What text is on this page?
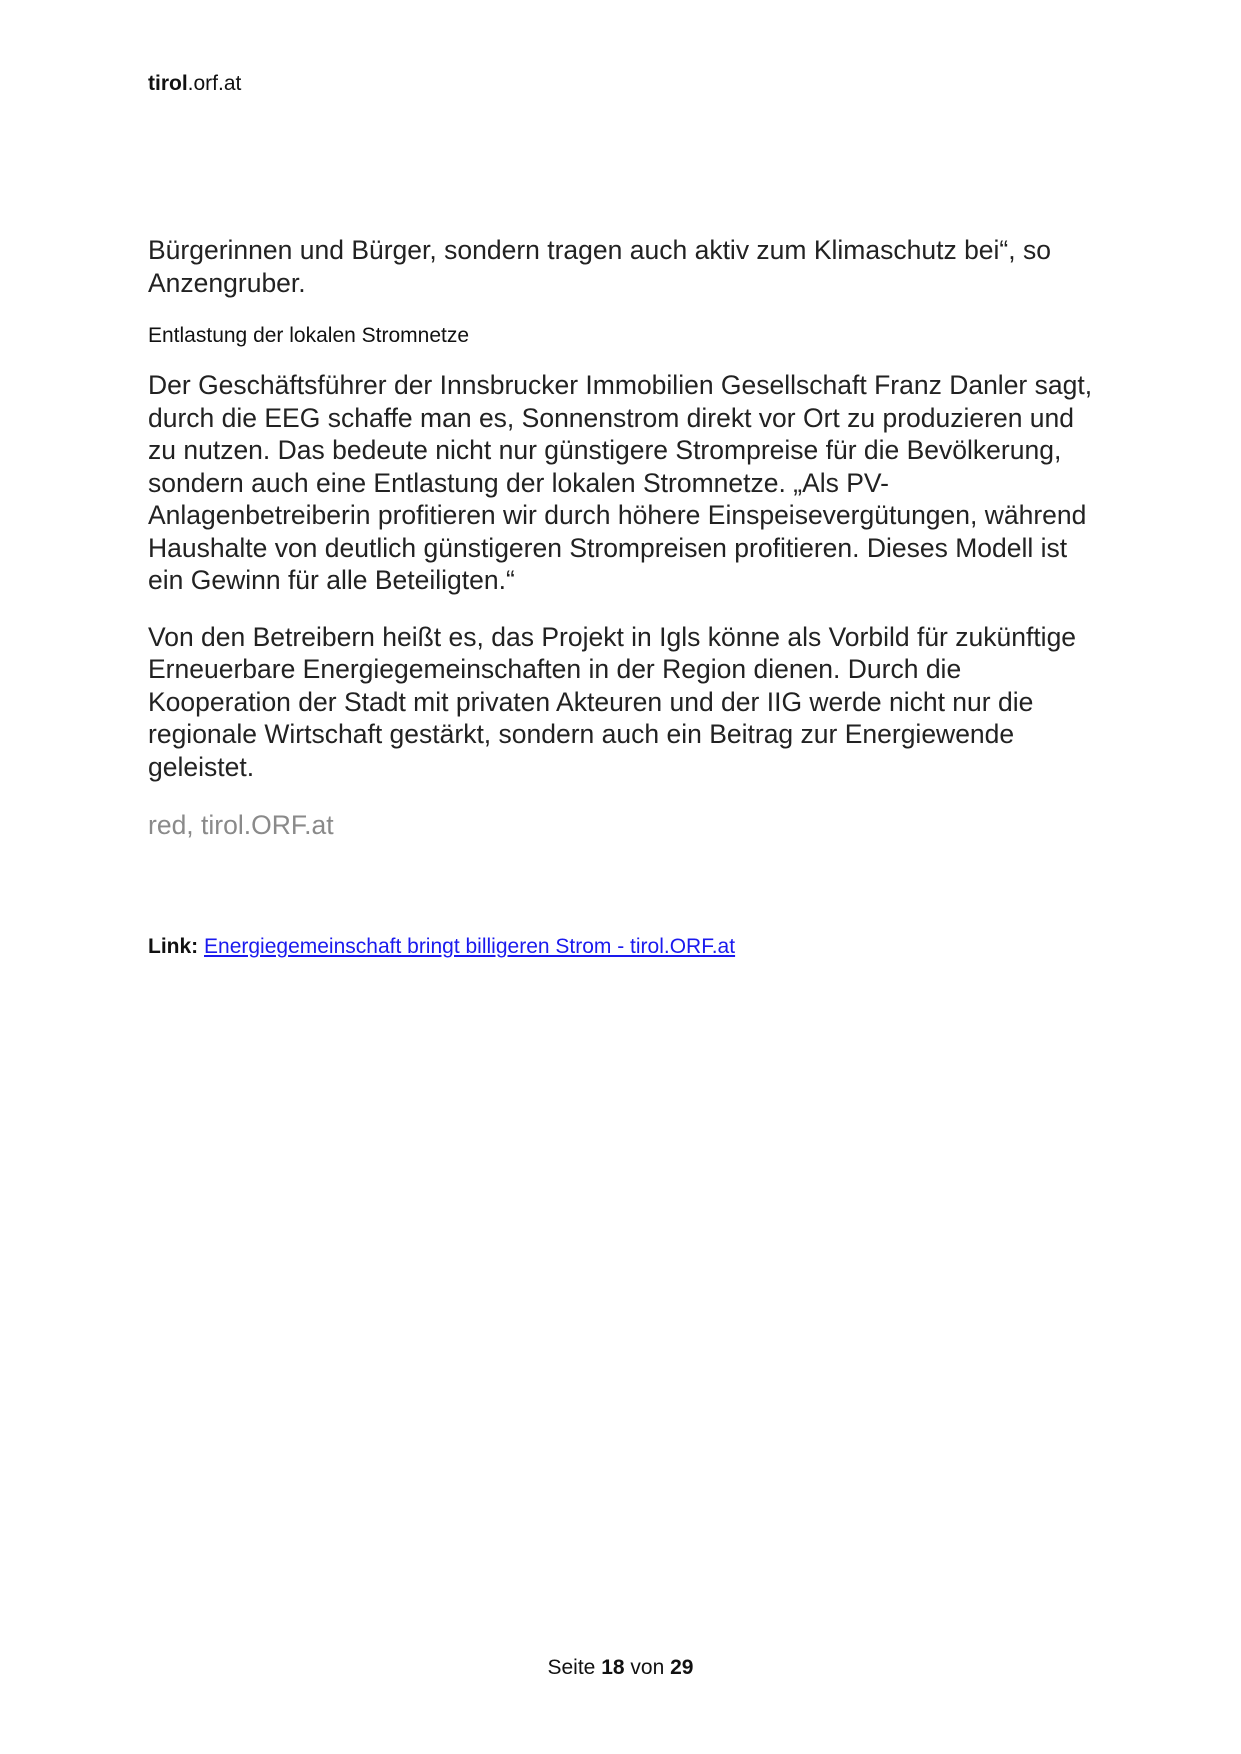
tirol.orf.at

Bürgerinnen und Bürger, sondern tragen auch aktiv zum Klimaschutz bei“, so Anzengruber.

Entlastung der lokalen Stromnetze

Der Geschäftsführer der Innsbrucker Immobilien Gesellschaft Franz Danler sagt, durch die EEG schaffe man es, Sonnenstrom direkt vor Ort zu produzieren und zu nutzen. Das bedeute nicht nur günstigere Strompreise für die Bevölkerung, sondern auch eine Entlastung der lokalen Stromnetze. „Als PV-Anlagenbetreiberin profitieren wir durch höhere Einspeisevergütungen, während Haushalte von deutlich günstigeren Strompreisen profitieren. Dieses Modell ist ein Gewinn für alle Beteiligten.“

Von den Betreibern heißt es, das Projekt in Igls könne als Vorbild für zukünftige Erneuerbare Energiegemeinschaften in der Region dienen. Durch die Kooperation der Stadt mit privaten Akteuren und der IIG werde nicht nur die regionale Wirtschaft gestärkt, sondern auch ein Beitrag zur Energiewende geleistet.

red, tirol.ORF.at

Link: Energiegemeinschaft bringt billigeren Strom - tirol.ORF.at
Seite 18 von 29
